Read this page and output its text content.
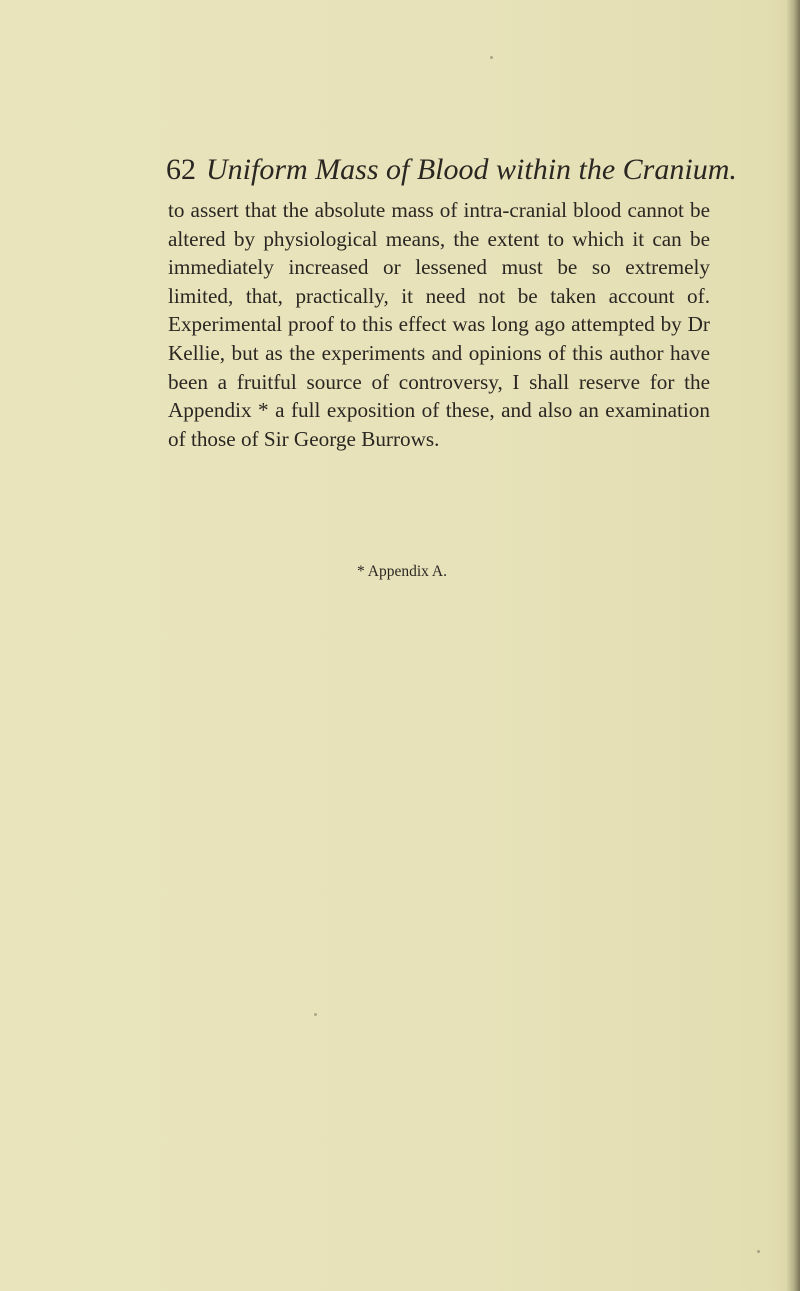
62 Uniform Mass of Blood within the Cranium.

to assert that the absolute mass of intra-cranial blood cannot be altered by physiological means, the extent to which it can be immediately increased or lessened must be so extremely limited, that, practically, it need not be taken account of. Experimental proof to this effect was long ago attempted by Dr Kellie, but as the experiments and opinions of this author have been a fruitful source of controversy, I shall reserve for the Appendix * a full exposition of these, and also an examination of those of Sir George Burrows.

* Appendix A.
